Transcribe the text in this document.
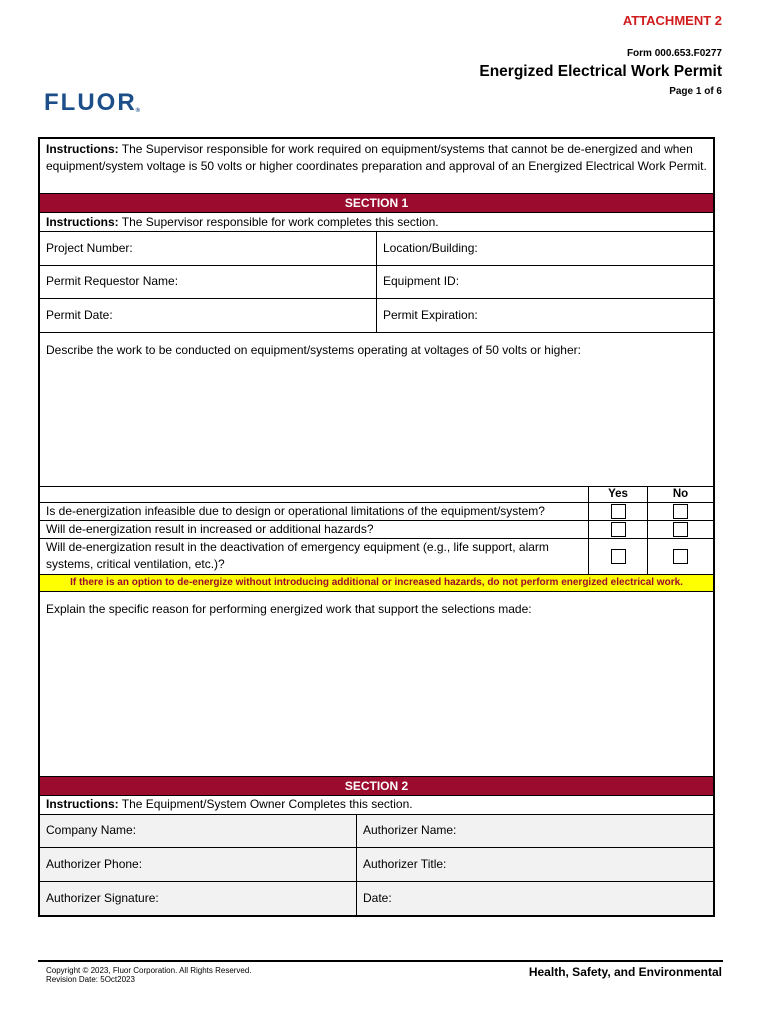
ATTACHMENT 2
Form 000.653.F0277
Energized Electrical Work Permit
Page 1 of 6
FLUOR®
Instructions: The Supervisor responsible for work required on equipment/systems that cannot be de-energized and when equipment/system voltage is 50 volts or higher coordinates preparation and approval of an Energized Electrical Work Permit.
SECTION 1
Instructions: The Supervisor responsible for work completes this section.
Project Number:	Location/Building:
Permit Requestor Name:	Equipment ID:
Permit Date:	Permit Expiration:
Describe the work to be conducted on equipment/systems operating at voltages of 50 volts or higher:
Yes	No
Is de-energization infeasible due to design or operational limitations of the equipment/system?
Will de-energization result in increased or additional hazards?
Will de-energization result in the deactivation of emergency equipment (e.g., life support, alarm systems, critical ventilation, etc.)?
If there is an option to de-energize without introducing additional or increased hazards, do not perform energized electrical work.
Explain the specific reason for performing energized work that support the selections made:
SECTION 2
Instructions: The Equipment/System Owner Completes this section.
Company Name:	Authorizer Name:
Authorizer Phone:	Authorizer Title:
Authorizer Signature:	Date:
Copyright © 2023, Fluor Corporation. All Rights Reserved.
Revision Date: 5Oct2023
Health, Safety, and Environmental
